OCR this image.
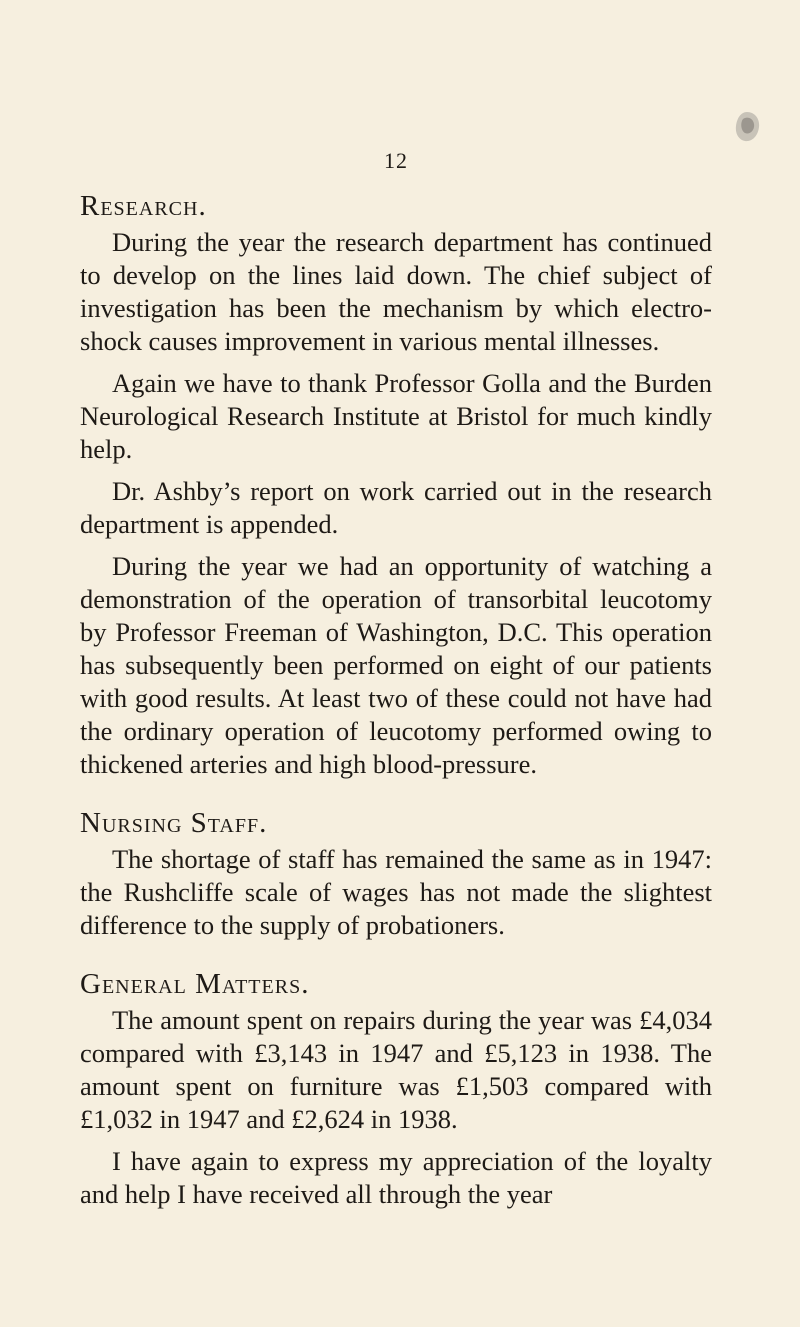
12
Research.

During the year the research department has continued to develop on the lines laid down. The chief subject of investigation has been the mechanism by which electro-shock causes improvement in various mental illnesses.

Again we have to thank Professor Golla and the Burden Neurological Research Institute at Bristol for much kindly help.

Dr. Ashby’s report on work carried out in the research department is appended.

During the year we had an opportunity of watching a demonstration of the operation of transorbital leucotomy by Professor Freeman of Washington, D.C. This operation has subsequently been performed on eight of our patients with good results. At least two of these could not have had the ordinary operation of leucotomy performed owing to thickened arteries and high blood-pressure.

Nursing Staff.

The shortage of staff has remained the same as in 1947: the Rushcliffe scale of wages has not made the slightest difference to the supply of probationers.

General Matters.

The amount spent on repairs during the year was £4,034 compared with £3,143 in 1947 and £5,123 in 1938. The amount spent on furniture was £1,503 compared with £1,032 in 1947 and £2,624 in 1938.

I have again to express my appreciation of the loyalty and help I have received all through the year
